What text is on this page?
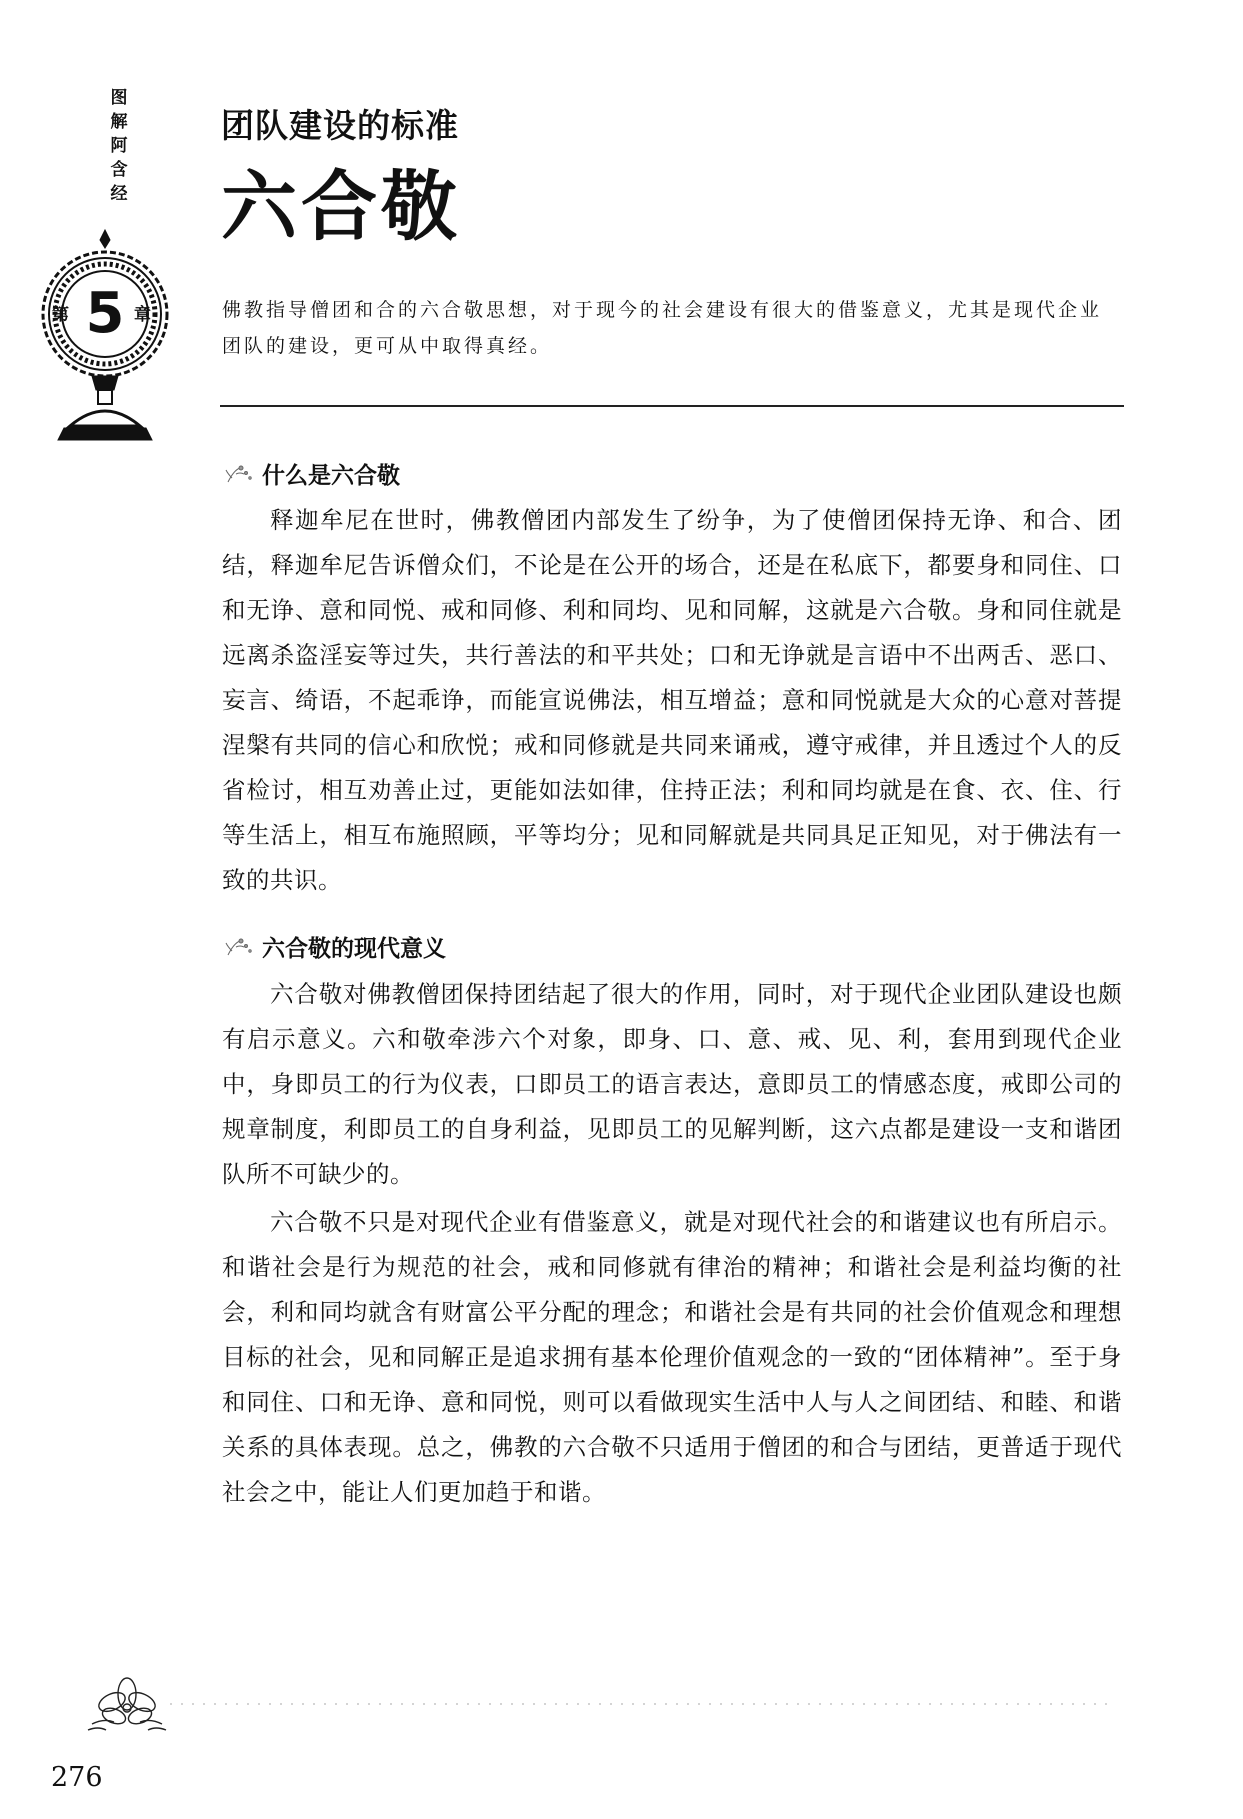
图
解
阿
含
经
第 5 章
团队建设的标准
六合敬
佛教指导僧团和合的六合敬思想，对于现今的社会建设有很大的借鉴意义，尤其是现代企业团队的建设，更可从中取得真经。
什么是六合敬
释迦牟尼在世时，佛教僧团内部发生了纷争，为了使僧团保持无诤、和合、团结，释迦牟尼告诉僧众们，不论是在公开的场合，还是在私底下，都要身和同住、口和无诤、意和同悦、戒和同修、利和同均、见和同解，这就是六合敬。身和同住就是远离杀盗淫妄等过失，共行善法的和平共处；口和无诤就是言语中不出两舌、恶口、妄言、绮语，不起乖诤，而能宣说佛法，相互增益；意和同悦就是大众的心意对菩提涅槃有共同的信心和欣悦；戒和同修就是共同来诵戒，遵守戒律，并且透过个人的反省检讨，相互劝善止过，更能如法如律，住持正法；利和同均就是在食、衣、住、行等生活上，相互布施照顾，平等均分；见和同解就是共同具足正知见，对于佛法有一致的共识。
六合敬的现代意义
六合敬对佛教僧团保持团结起了很大的作用，同时，对于现代企业团队建设也颇有启示意义。六和敬牵涉六个对象，即身、口、意、戒、见、利，套用到现代企业中，身即员工的行为仪表，口即员工的语言表达，意即员工的情感态度，戒即公司的规章制度，利即员工的自身利益，见即员工的见解判断，这六点都是建设一支和谐团队所不可缺少的。
六合敬不只是对现代企业有借鉴意义，就是对现代社会的和谐建议也有所启示。和谐社会是行为规范的社会，戒和同修就有律治的精神；和谐社会是利益均衡的社会，利和同均就含有财富公平分配的理念；和谐社会是有共同的社会价值观念和理想目标的社会，见和同解正是追求拥有基本伦理价值观念的一致的“团体精神”。至于身和同住、口和无诤、意和同悦，则可以看做现实生活中人与人之间团结、和睦、和谐关系的具体表现。总之，佛教的六合敬不只适用于僧团的和合与团结，更普适于现代社会之中，能让人们更加趋于和谐。
276
